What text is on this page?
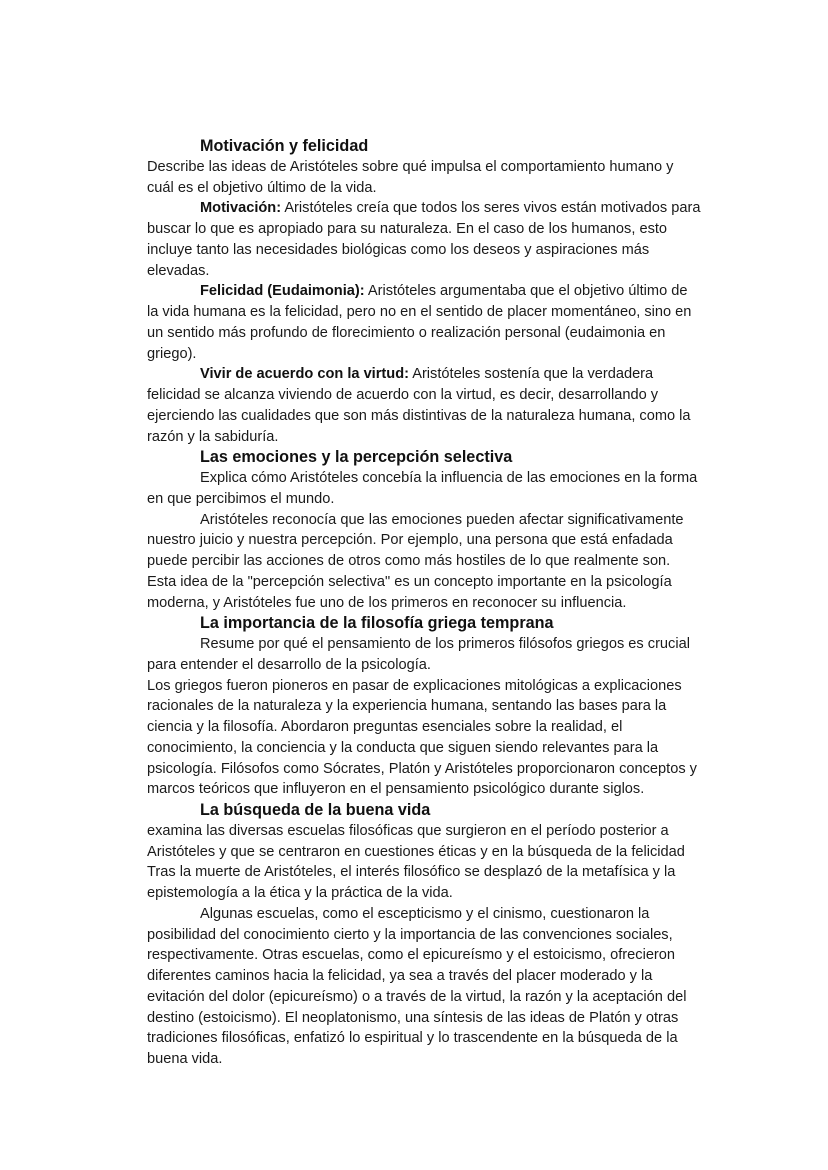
Motivación y felicidad
Describe las ideas de Aristóteles sobre qué impulsa el comportamiento humano y
cuál es el objetivo último de la vida.
Motivación: Aristóteles creía que todos los seres vivos están motivados para
buscar lo que es apropiado para su naturaleza. En el caso de los humanos, esto
incluye tanto las necesidades biológicas como los deseos y aspiraciones más
elevadas.
Felicidad (Eudaimonia): Aristóteles argumentaba que el objetivo último de
la vida humana es la felicidad, pero no en el sentido de placer momentáneo, sino en
un sentido más profundo de florecimiento o realización personal (eudaimonia en
griego).
Vivir de acuerdo con la virtud: Aristóteles sostenía que la verdadera
felicidad se alcanza viviendo de acuerdo con la virtud, es decir, desarrollando y
ejerciendo las cualidades que son más distintivas de la naturaleza humana, como la
razón y la sabiduría.
Las emociones y la percepción selectiva
Explica cómo Aristóteles concebía la influencia de las emociones en la forma
en que percibimos el mundo.
Aristóteles reconocía que las emociones pueden afectar significativamente
nuestro juicio y nuestra percepción. Por ejemplo, una persona que está enfadada
puede percibir las acciones de otros como más hostiles de lo que realmente son.
Esta idea de la "percepción selectiva" es un concepto importante en la psicología
moderna, y Aristóteles fue uno de los primeros en reconocer su influencia.
La importancia de la filosofía griega temprana
Resume por qué el pensamiento de los primeros filósofos griegos es crucial
para entender el desarrollo de la psicología.
Los griegos fueron pioneros en pasar de explicaciones mitológicas a explicaciones
racionales de la naturaleza y la experiencia humana, sentando las bases para la
ciencia y la filosofía. Abordaron preguntas esenciales sobre la realidad, el
conocimiento, la conciencia y la conducta que siguen siendo relevantes para la
psicología. Filósofos como Sócrates, Platón y Aristóteles proporcionaron conceptos y
marcos teóricos que influyeron en el pensamiento psicológico durante siglos.
La búsqueda de la buena vida
examina las diversas escuelas filosóficas que surgieron en el período posterior a
Aristóteles y que se centraron en cuestiones éticas y en la búsqueda de la felicidad
Tras la muerte de Aristóteles, el interés filosófico se desplazó de la metafísica y la
epistemología a la ética y la práctica de la vida.
Algunas escuelas, como el escepticismo y el cinismo, cuestionaron la
posibilidad del conocimiento cierto y la importancia de las convenciones sociales,
respectivamente. Otras escuelas, como el epicureísmo y el estoicismo, ofrecieron
diferentes caminos hacia la felicidad, ya sea a través del placer moderado y la
evitación del dolor (epicureísmo) o a través de la virtud, la razón y la aceptación del
destino (estoicismo). El neoplatonismo, una síntesis de las ideas de Platón y otras
tradiciones filosóficas, enfatizó lo espiritual y lo trascendente en la búsqueda de la
buena vida.
